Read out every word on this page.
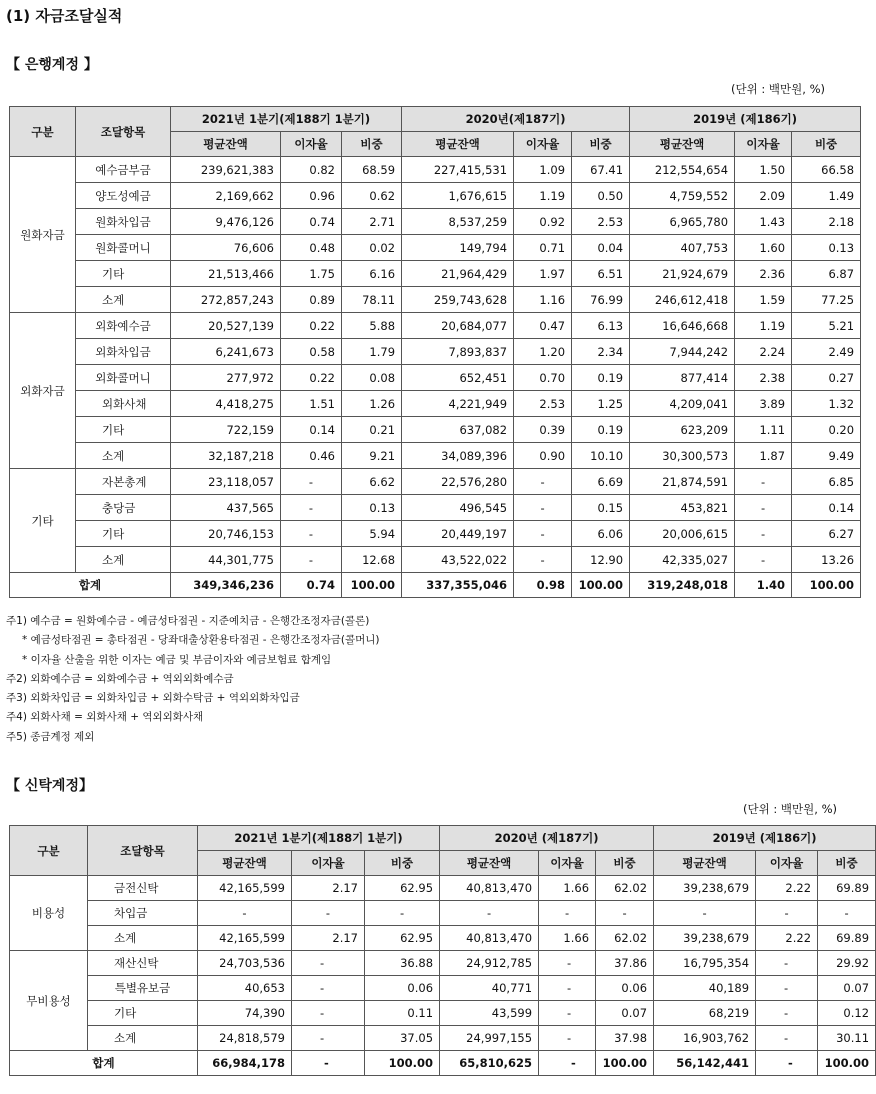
(1) 자금조달실적
【 은행계정 】
(단위 : 백만원, %)
구분	조달항목	2021년 1분기(제188기 1분기)			2020년(제187기)			2019년 (제186기)		
		평균잔액	이자율	비중	평균잔액	이자율	비중	평균잔액	이자율	비중
원화자금	예수금부금	239,621,383	0.82	68.59	227,415,531	1.09	67.41	212,554,654	1.50	66.58
	양도성예금	2,169,662	0.96	0.62	1,676,615	1.19	0.50	4,759,552	2.09	1.49
	원화차입금	9,476,126	0.74	2.71	8,537,259	0.92	2.53	6,965,780	1.43	2.18
	원화콜머니	76,606	0.48	0.02	149,794	0.71	0.04	407,753	1.60	0.13
	기타	21,513,466	1.75	6.16	21,964,429	1.97	6.51	21,924,679	2.36	6.87
	소계	272,857,243	0.89	78.11	259,743,628	1.16	76.99	246,612,418	1.59	77.25
외화자금	외화예수금	20,527,139	0.22	5.88	20,684,077	0.47	6.13	16,646,668	1.19	5.21
	외화차입금	6,241,673	0.58	1.79	7,893,837	1.20	2.34	7,944,242	2.24	2.49
	외화콜머니	277,972	0.22	0.08	652,451	0.70	0.19	877,414	2.38	0.27
	외화사채	4,418,275	1.51	1.26	4,221,949	2.53	1.25	4,209,041	3.89	1.32
	기타	722,159	0.14	0.21	637,082	0.39	0.19	623,209	1.11	0.20
	소계	32,187,218	0.46	9.21	34,089,396	0.90	10.10	30,300,573	1.87	9.49
기타	자본총계	23,118,057	-	6.62	22,576,280	-	6.69	21,874,591	-	6.85
	충당금	437,565	-	0.13	496,545	-	0.15	453,821	-	0.14
	기타	20,746,153	-	5.94	20,449,197	-	6.06	20,006,615	-	6.27
	소계	44,301,775	-	12.68	43,522,022	-	12.90	42,335,027	-	13.26
합계		349,346,236	0.74	100.00	337,355,046	0.98	100.00	319,248,018	1.40	100.00
주1) 예수금 = 원화예수금 - 예금성타점권 - 지준예치금 - 은행간조정자금(콜론)
* 예금성타점권 = 총타점권 - 당좌대출상환용타점권 - 은행간조정자금(콜머니)
* 이자율 산출을 위한 이자는 예금 및 부금이자와 예금보험료 합계임
주2) 외화예수금 = 외화예수금 + 역외외화예수금
주3) 외화차입금 = 외화차입금 + 외화수탁금 + 역외외화차입금
주4) 외화사채 = 외화사채 + 역외외화사채
주5) 종금계정 제외
【 신탁계정】
(단위 : 백만원, %)
구분	조달항목	2021년 1분기(제188기 1분기)			2020년 (제187기)			2019년 (제186기)		
		평균잔액	이자율	비중	평균잔액	이자율	비중	평균잔액	이자율	비중
비용성	금전신탁	42,165,599	2.17	62.95	40,813,470	1.66	62.02	39,238,679	2.22	69.89
	차입금	-	-	-	-	-	-	-	-	-
	소계	42,165,599	2.17	62.95	40,813,470	1.66	62.02	39,238,679	2.22	69.89
무비용성	재산신탁	24,703,536	-	36.88	24,912,785	-	37.86	16,795,354	-	29.92
	특별유보금	40,653	-	0.06	40,771	-	0.06	40,189	-	0.07
	기타	74,390	-	0.11	43,599	-	0.07	68,219	-	0.12
	소계	24,818,579	-	37.05	24,997,155	-	37.98	16,903,762	-	30.11
합계		66,984,178	-	100.00	65,810,625	-	100.00	56,142,441	-	100.00
